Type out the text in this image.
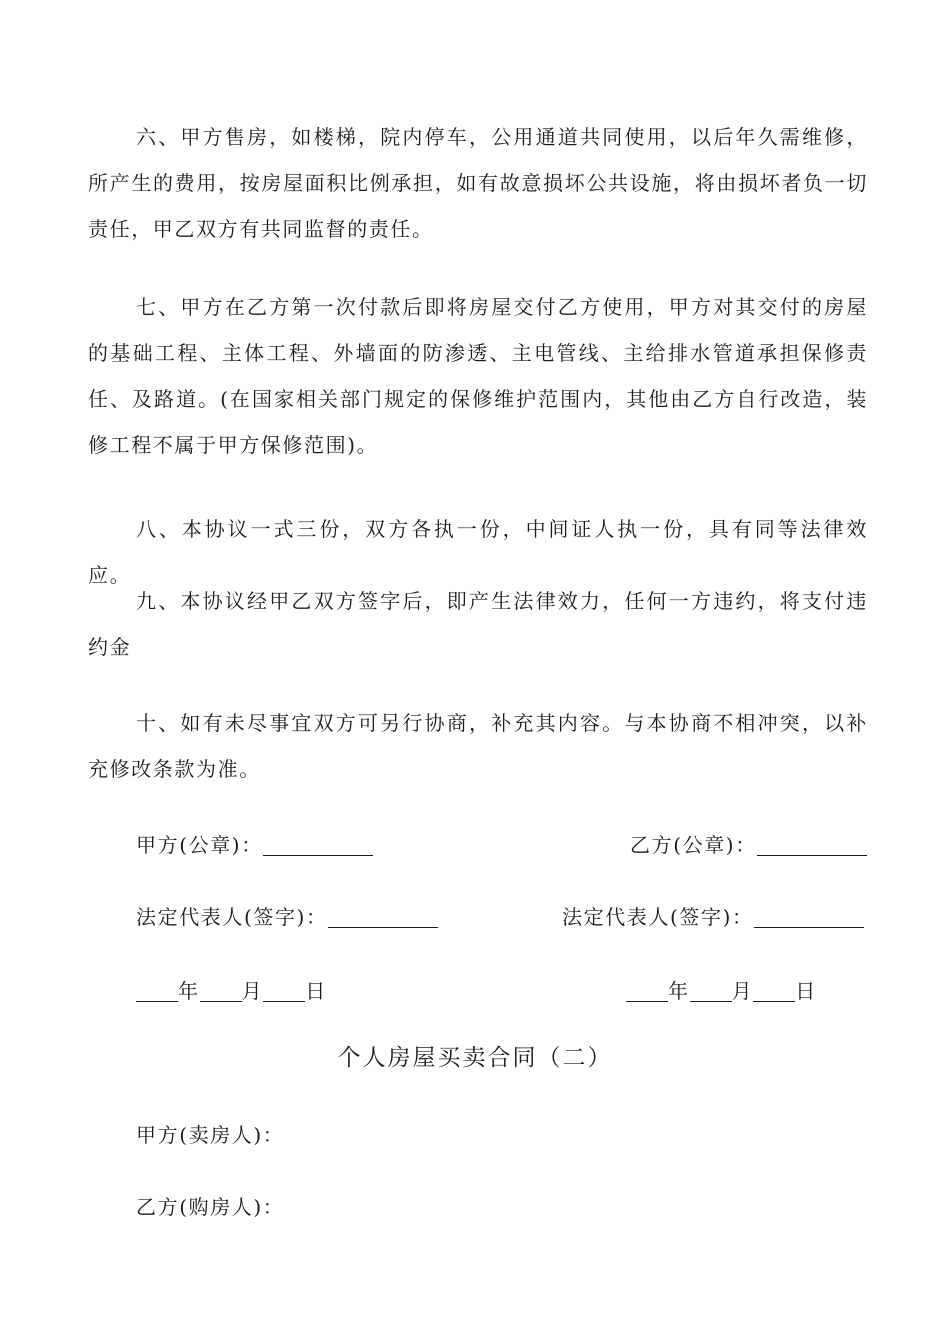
六、甲方售房，如楼梯，院内停车，公用通道共同使用，以后年久需维修，所产生的费用，按房屋面积比例承担，如有故意损坏公共设施，将由损坏者负一切责任，甲乙双方有共同监督的责任。

七、甲方在乙方第一次付款后即将房屋交付乙方使用，甲方对其交付的房屋的基础工程、主体工程、外墙面的防渗透、主电管线、主给排水管道承担保修责任、及路道。(在国家相关部门规定的保修维护范围内，其他由乙方自行改造，装修工程不属于甲方保修范围)。

八、本协议一式三份，双方各执一份，中间证人执一份，具有同等法律效应。

九、本协议经甲乙双方签字后，即产生法律效力，任何一方违约，将支付违约金

十、如有未尽事宜双方可另行协商，补充其内容。与本协商不相冲突，以补充修改条款为准。

甲方(公章)：	乙方(公章)：
法定代表人(签字)：	法定代表人(签字)：
年 月 日	年 月 日
个人房屋买卖合同（二）
甲方(卖房人)：
乙方(购房人)：
